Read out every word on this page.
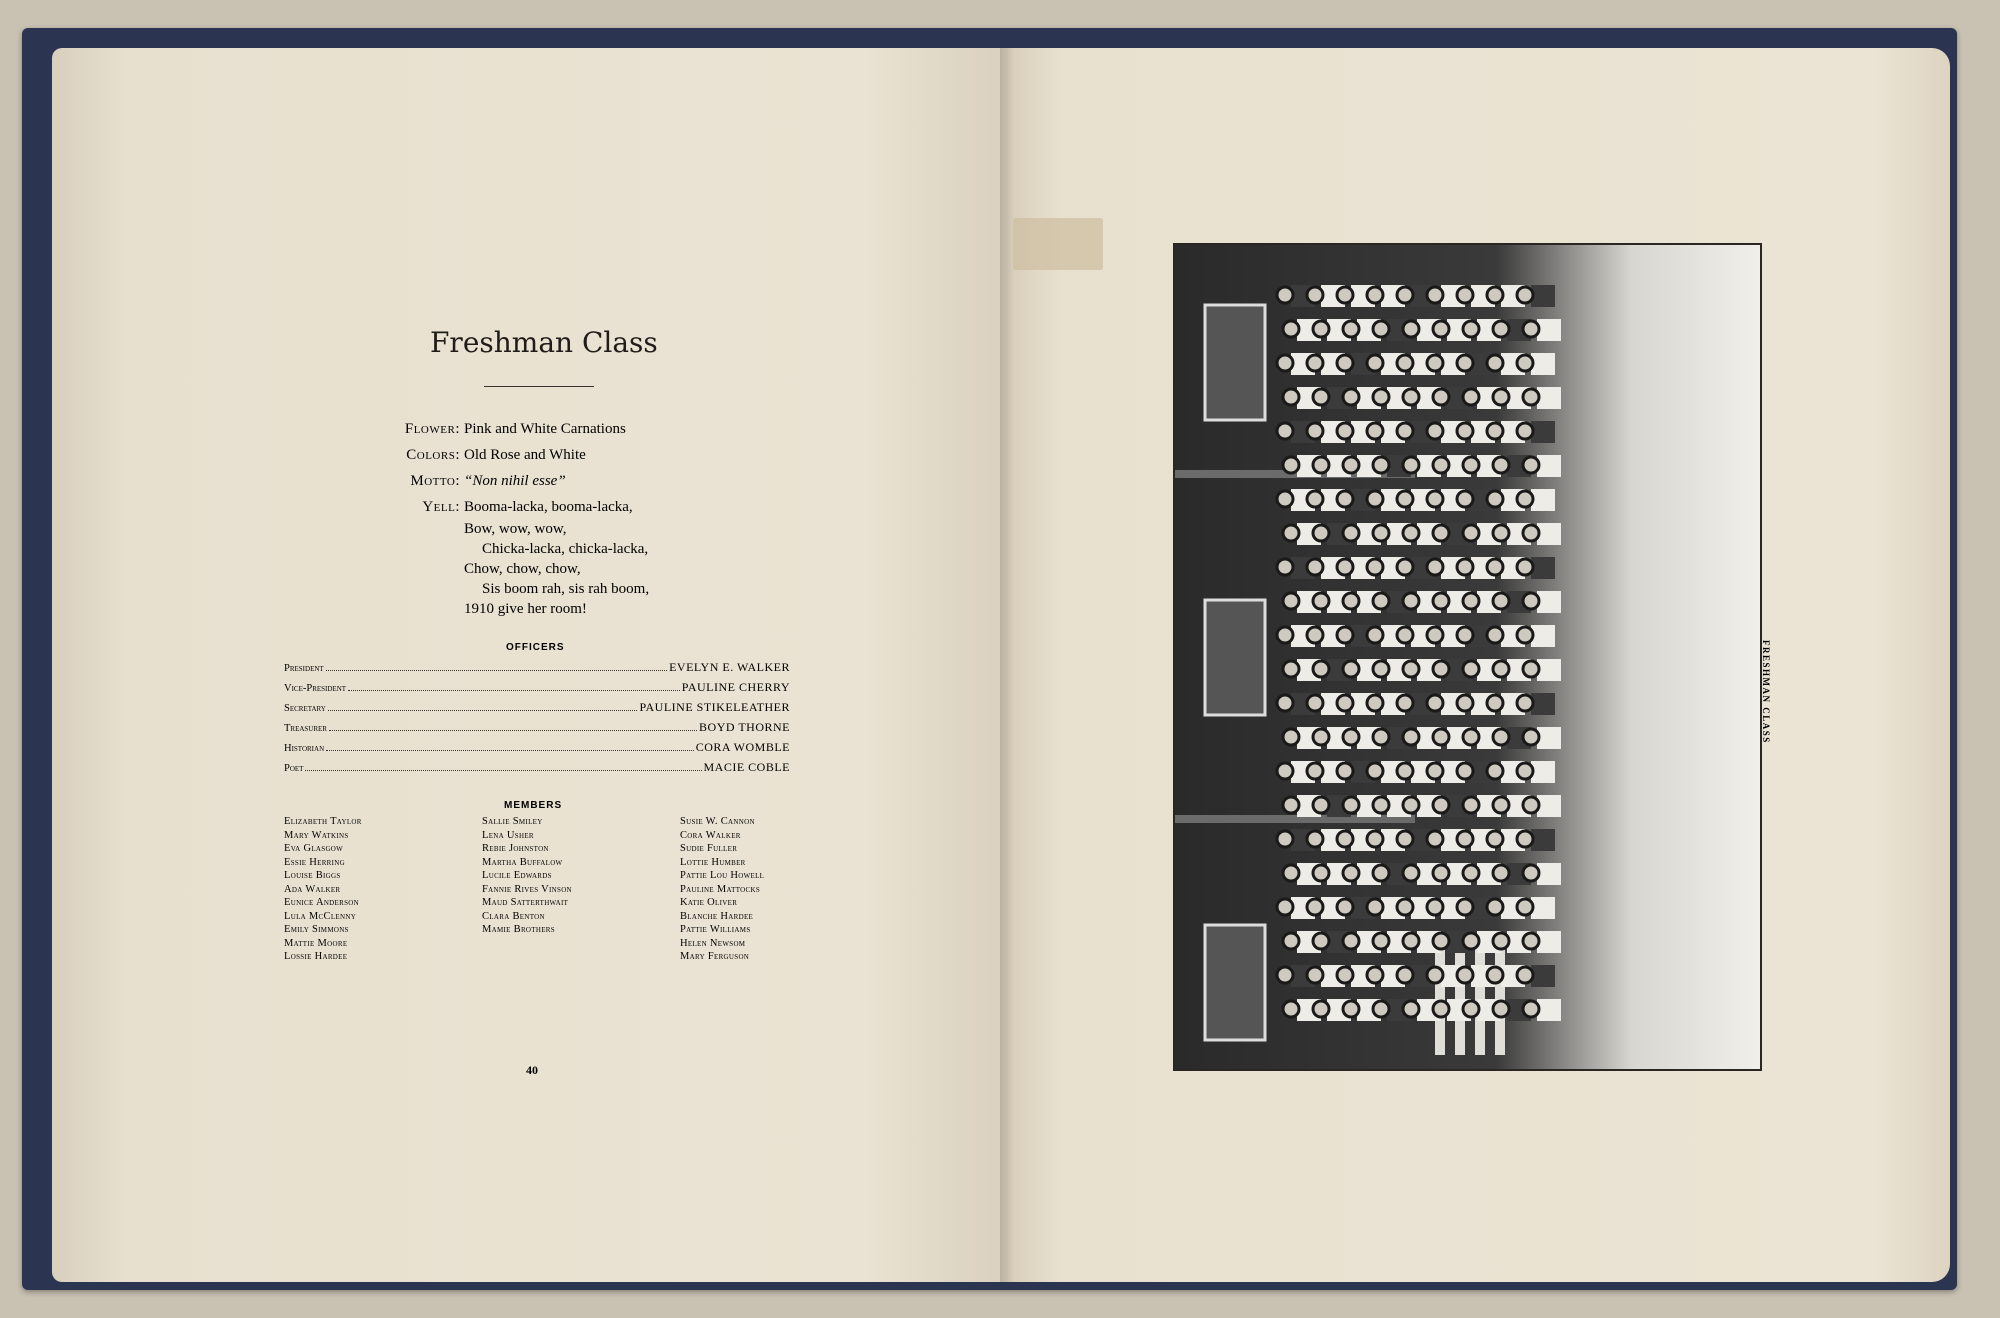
Freshman Class
Flower: Pink and White Carnations
Colors: Old Rose and White
Motto: “Non nihil esse”
Yell: Booma-lacka, booma-lacka,
Bow, wow, wow,
Chicka-lacka, chicka-lacka,
Chow, chow, chow,
Sis boom rah, sis rah boom,
1910 give her room!
OFFICERS
President	EVELYN E. WALKER
Vice-President	PAULINE CHERRY
Secretary	PAULINE STIKELEATHER
Treasurer	BOYD THORNE
Historian	CORA WOMBLE
Poet	MACIE COBLE
MEMBERS
Elizabeth Taylor
Mary Watkins
Eva Glasgow
Essie Herring
Louise Biggs
Ada Walker
Eunice Anderson
Lula McClenny
Emily Simmons
Mattie Moore
Lossie Hardee
Sallie Smiley
Lena Usher
Rebie Johnston
Martha Buffalow
Lucile Edwards
Fannie Rives Vinson
Maud Satterthwait
Clara Benton
Mamie Brothers
Susie W. Cannon
Cora Walker
Sudie Fuller
Lottie Humber
Pattie Lou Howell
Pauline Mattocks
Katie Oliver
Blanche Hardee
Pattie Williams
Helen Newsom
Mary Ferguson
40
FRESHMAN CLASS
